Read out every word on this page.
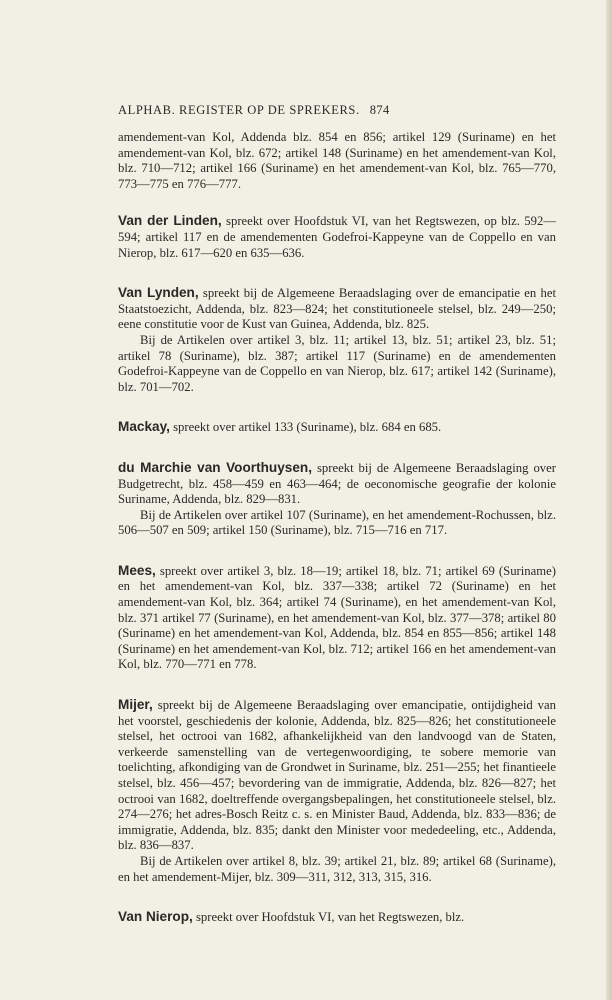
ALPHAB. REGISTER OP DE SPREKERS. 874

amendement-van Kol, Addenda blz. 854 en 856; artikel 129 (Suriname) en het amendement-van Kol, blz. 672; artikel 148 (Suriname) en het amendement-van Kol, blz. 710—712; artikel 166 (Suriname) en het amendement-van Kol, blz. 765—770, 773—775 en 776—777.

Van der Linden, spreekt over Hoofdstuk VI, van het Regtswezen, op blz. 592—594; artikel 117 en de amendementen Godefroi-Kappeyne van de Coppello en van Nierop, blz. 617—620 en 635—636.

Van Lynden, spreekt bij de Algemeene Beraadslaging over de emancipatie en het Staatstoezicht, Addenda, blz. 823—824; het constitutioneele stelsel, blz. 249—250; eene constitutie voor de Kust van Guinea, Addenda, blz. 825.

Bij de Artikelen over artikel 3, blz. 11; artikel 13, blz. 51; artikel 23, blz. 51; artikel 78 (Suriname), blz. 387; artikel 117 (Suriname) en de amendementen Godefroi-Kappeyne van de Coppello en van Nierop, blz. 617; artikel 142 (Suriname), blz. 701—702.

Mackay, spreekt over artikel 133 (Suriname), blz. 684 en 685.

du Marchie van Voorthuysen, spreekt bij de Algemeene Beraadslaging over Budgetrecht, blz. 458—459 en 463—464; de oeconomische geografie der kolonie Suriname, Addenda, blz. 829—831.

Bij de Artikelen over artikel 107 (Suriname), en het amendement-Rochussen, blz. 506—507 en 509; artikel 150 (Suriname), blz. 715—716 en 717.

Mees, spreekt over artikel 3, blz. 18—19; artikel 18, blz. 71; artikel 69 (Suriname) en het amendement-van Kol, blz. 337—338; artikel 72 (Suriname) en het amendement-van Kol, blz. 364; artikel 74 (Suriname), en het amendement-van Kol, blz. 371 artikel 77 (Suriname), en het amendement-van Kol, blz. 377—378; artikel 80 (Suriname) en het amendement-van Kol, Addenda, blz. 854 en 855—856; artikel 148 (Suriname) en het amendement-van Kol, blz. 712; artikel 166 en het amendement-van Kol, blz. 770—771 en 778.

Mijer, spreekt bij de Algemeene Beraadslaging over emancipatie, ontijdigheid van het voorstel, geschiedenis der kolonie, Addenda, blz. 825—826; het constitutioneele stelsel, het octrooi van 1682, afhankelijkheid van den landvoogd van de Staten, verkeerde samenstelling van de vertegenwoordiging, te sobere memorie van toelichting, afkondiging van de Grondwet in Suriname, blz. 251—255; het finantieele stelsel, blz. 456—457; bevordering van de immigratie, Addenda, blz. 826—827; het octrooi van 1682, doeltreffende overgangsbepalingen, het constitutioneele stelsel, blz. 274—276; het adres-Bosch Reitz c. s. en Minister Baud, Addenda, blz. 833—836; de immigratie, Addenda, blz. 835; dankt den Minister voor mededeeling, etc., Addenda, blz. 836—837.

Bij de Artikelen over artikel 8, blz. 39; artikel 21, blz. 89; artikel 68 (Suriname), en het amendement-Mijer, blz. 309—311, 312, 313, 315, 316.

Van Nierop, spreekt over Hoofdstuk VI, van het Regtswezen, blz.
